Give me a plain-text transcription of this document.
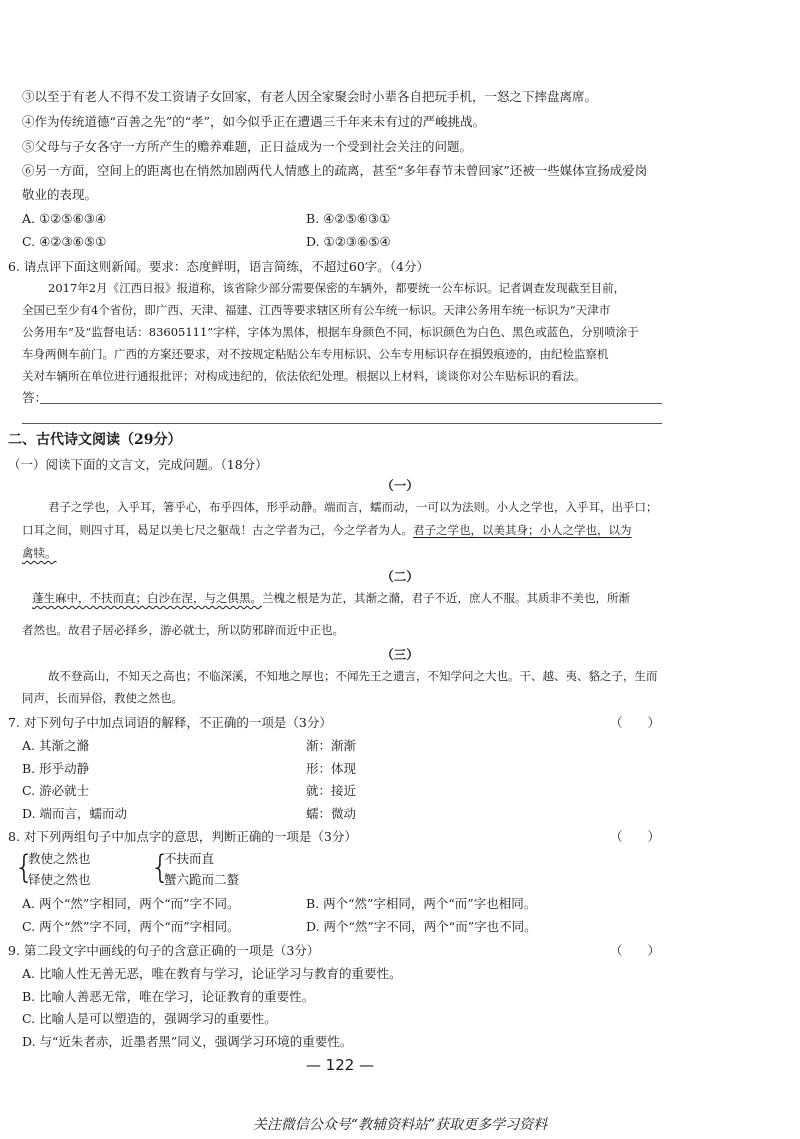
③以至于有老人不得不发工资请子女回家，有老人因全家聚会时小辈各自把玩手机，一怒之下摔盘离席。
④作为传统道德“百善之先”的“孝”，如今似乎正在遭遇三千年来未有过的严峻挑战。
⑤父母与子女各守一方所产生的赡养难题，正日益成为一个受到社会关注的问题。
⑥另一方面，空间上的距离也在悄然加剧两代人情感上的疏离，甚至“多年春节未曾回家”还被一些媒体宣扬成爱岗
敬业的表现。
A. ①②⑤⑥③④	B. ④②⑤⑥③①
C. ④②③⑥⑤①	D. ①②③⑥⑤④
6. 请点评下面这则新闻。要求：态度鲜明，语言简练，不超过60字。（4分）
2017年2月《江西日报》报道称，该省除少部分需要保密的车辆外，都要统一公车标识。记者调查发现截至目前，
全国已至少有4个省份，即广西、天津、福建、江西等要求辖区所有公车统一标识。天津公务用车统一标识为“天津市
公务用车”及“监督电话：83605111”字样，字体为黑体，根据车身颜色不同，标识颜色为白色、黑色或蓝色，分别喷涂于
车身两侧车前门。广西的方案还要求，对不按规定粘贴公车专用标识、公车专用标识存在損毁痕迹的，由纪检监察机
关对车辆所在单位进行通报批评；对构成违纪的，依法依纪处理。根据以上材料，谈谈你对公车贴标识的看法。
答：
二、古代诗文阅读（29分）
（一）阅读下面的文言文，完成问题。（18分）
（一）
君子之学也，入乎耳，箸乎心，布乎四体，形乎动静。端而言，蠕而动，一可以为法则。小人之学也，入乎耳，出乎口；
口耳之间，则四寸耳，曷足以美七尺之躯哉！古之学者为己，今之学者为人。君子之学也，以美其身；小人之学也，以为
禽犊。
（二）
蓬生麻中，不扶而直；白沙在涅，与之俱黑。兰槐之根是为芷，其渐之滫，君子不近，庶人不服。其质非不美也，所渐
者然也。故君子居必择乡，游必就士，所以防邪辟而近中正也。
（三）
故不登高山，不知天之高也；不临深溪，不知地之厚也；不闻先王之遗言，不知学问之大也。干、越、夷、貉之子，生而
同声，长而异俗，教使之然也。
7. 对下列句子中加点词语的解释，不正确的一项是（3分）	（　　）
A. 其渐之滫	渐：渐渐
B. 形乎动静	形：体现
C. 游必就士	就：接近
D. 端而言，蠕而动	蠕：微动
8. 对下列两组句子中加点字的意思，判断正确的一项是（3分）	（　　）
{
教使之然也
铎使之然也 {
不扶而直
蟹六跪而二螯
A. 两个“然”字相同，两个“而”字不同。	B. 两个“然”字相同，两个“而”字也相同。
C. 两个“然”字不同，两个“而”字相同。	D. 两个“然”字不同，两个“而”字也不同。
9. 第二段文字中画线的句子的含意正确的一项是（3分）	（　　）
A. 比喻人性无善无恶，唯在教育与学习，论证学习与教育的重要性。
B. 比喻人善恶无常，唯在学习，论证教育的重要性。
C. 比喻人是可以塑造的，强调学习的重要性。
D. 与“近朱者赤，近墨者黑”同义，强调学习环境的重要性。
— 122 —
关注微信公众号“教辅资料站”获取更多学习资料
